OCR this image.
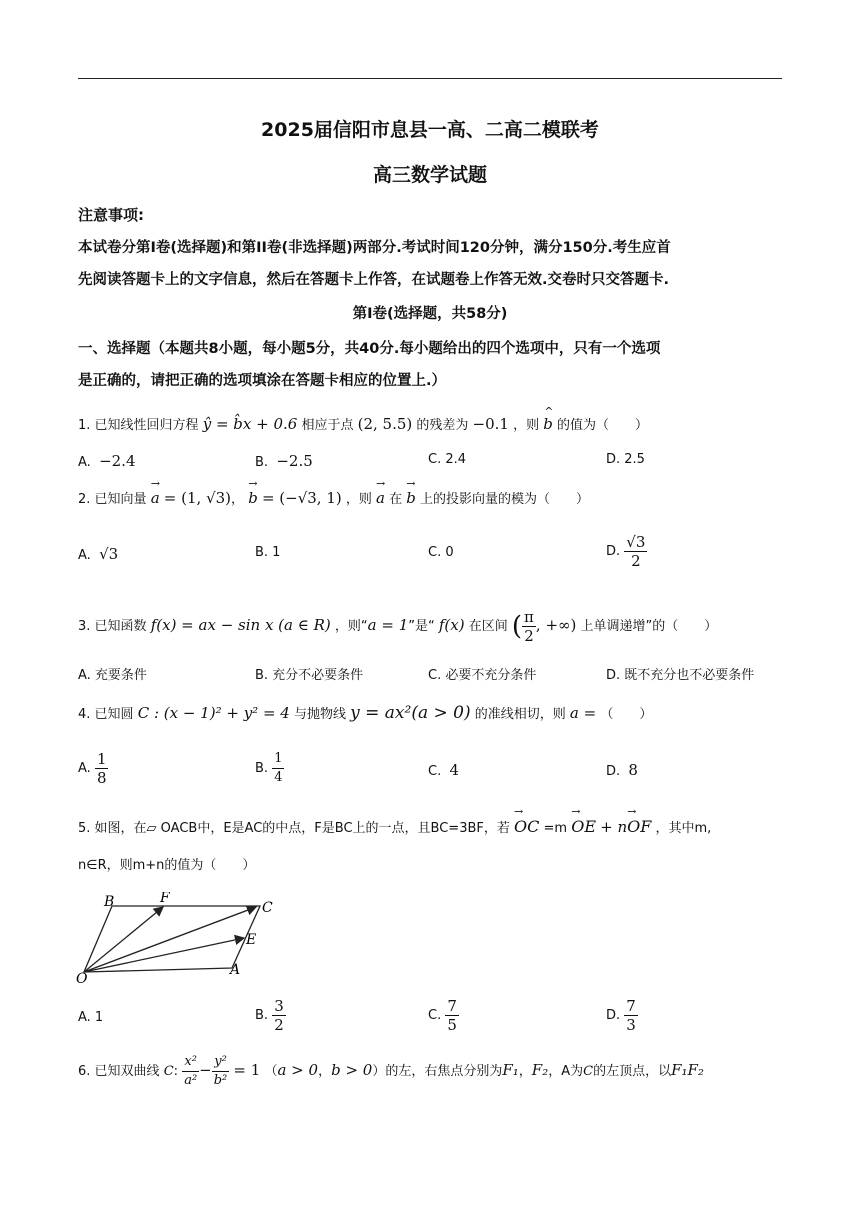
2025届信阳市息县一高、二高二模联考
高三数学试题
注意事项:
本试卷分第I卷(选择题)和第II卷(非选择题)两部分.考试时间120分钟，满分150分.考生应首
先阅读答题卡上的文字信息，然后在答题卡上作答，在试题卷上作答无效.交卷时只交答题卡.
第I卷(选择题，共58分)
一、选择题（本题共8小题，每小题5分，共40分.每小题给出的四个选项中，只有一个选项
是正确的，请把正确的选项填涂在答题卡相应的位置上.）
1. 已知线性回归方程 ŷ = b̂x + 0.6 相应于点 (2, 5.5) 的残差为 −0.1 ，则 ^ b 的值为（　　）
A. −2.4	B. −2.5	C. 2.4	D. 2.5
2. 已知向量 → a = (1, √3)， → b = (−√3, 1) ，则 → a 在 → b 上的投影向量的模为（　　）
A. √3	B. 1	C. 0	D. $\frac{√3}{2}$
3. 已知函数 f(x) = ax − sin x (a ∈ R) ，则“a = 1”是“ f(x) 在区间 ( $\frac{\pi}{2}$ , +∞) 上单调递增”的（　　）
A. 充要条件	B. 充分不必要条件	C. 必要不充分条件	D. 既不充分也不必要条件
4. 已知圆 C : (x − 1)² + y² = 4 与抛物线 y = ax²(a > 0) 的准线相切，则 a = （　　）
A. $\frac{1}{8}$	B. $\frac{1}{4}$	C. 4	D. 8
5. 如图，在▱ OACB中，E是AC的中点，F是BC上的一点，且BC=3BF，若 → OC =m → OE + n→ OF ，其中m,
n∈R，则m+n的值为（　　）
B	F
C
E
O
A
A. 1	B. $\frac{3}{2}$	C. $\frac{7}{5}$	D. $\frac{7}{3}$
6. 已知双曲线 C: $\frac{\text{x²}}{\text{a²}} - \frac{\text{y²}}{\text{b²}} = 1$ （a > 0，b > 0）的左，右焦点分别为F₁，F₂，A为C的左顶点，以F₁F₂
